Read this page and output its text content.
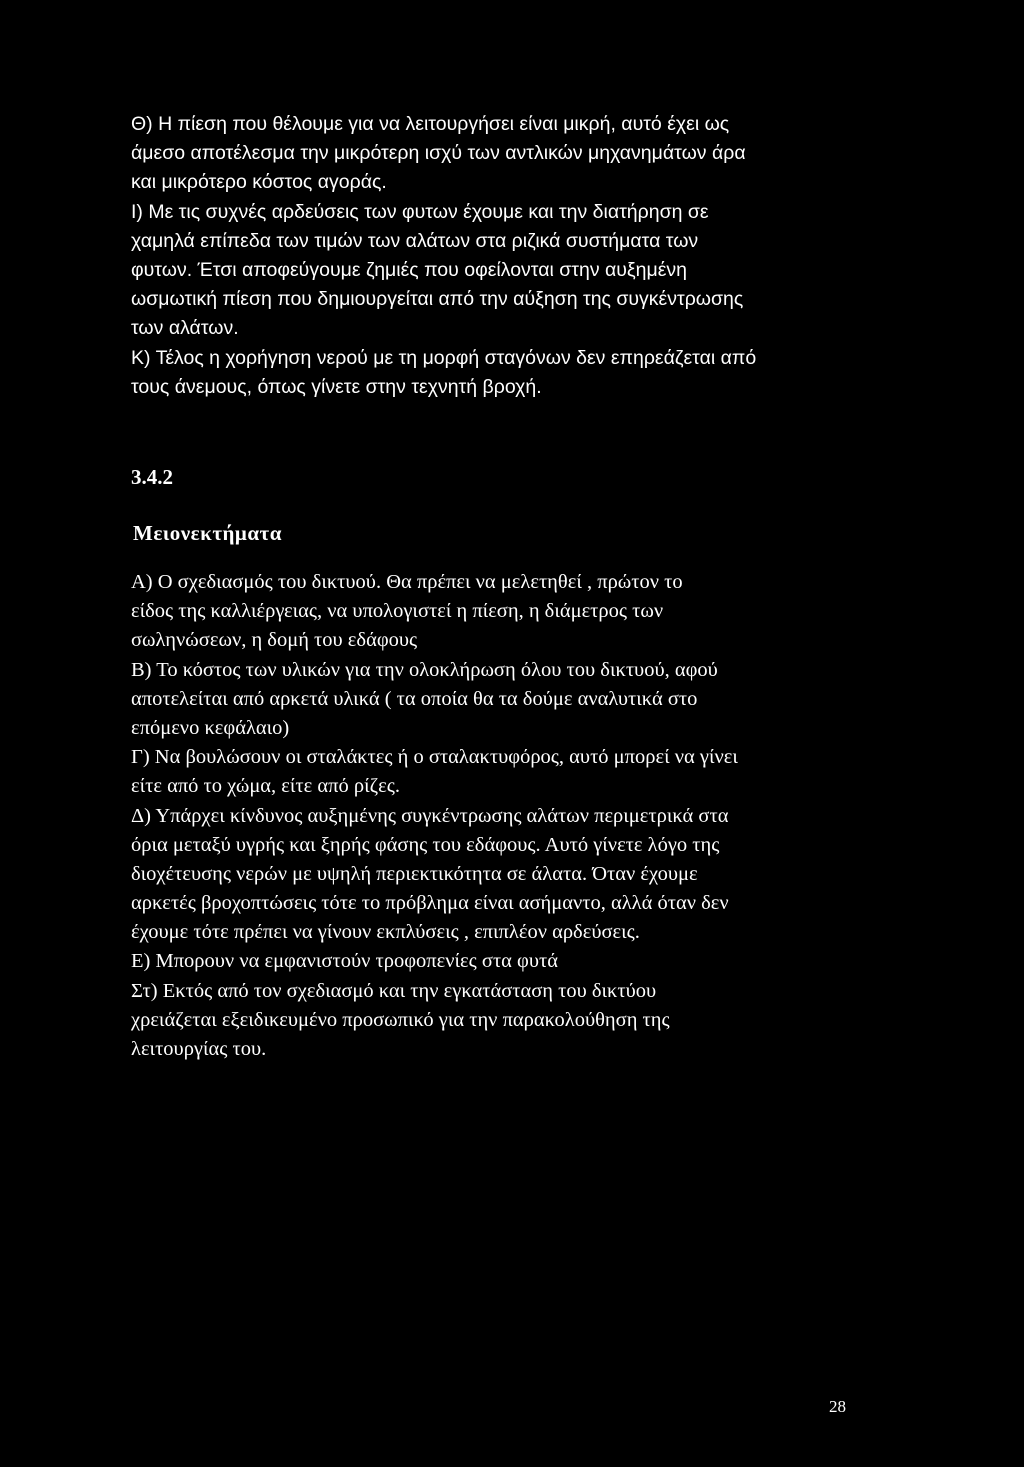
Θ) Η πίεση που θέλουμε για να λειτουργήσει είναι μικρή, αυτό έχει ως
άμεσο αποτέλεσμα την μικρότερη ισχύ των αντλικών μηχανημάτων άρα
και μικρότερο κόστος αγοράς.
Ι) Με τις συχνές αρδεύσεις των φυτων έχουμε και την διατήρηση σε
χαμηλά επίπεδα των τιμών των αλάτων στα ριζικά συστήματα των
φυτων. Έτσι αποφεύγουμε ζημιές που οφείλονται στην αυξημένη
ωσμωτική πίεση που δημιουργείται από την αύξηση της συγκέντρωσης
των αλάτων.
Κ) Τέλος η χορήγηση νερού με τη μορφή σταγόνων δεν επηρεάζεται από
τους άνεμους, όπως γίνετε στην τεχνητή βροχή.
3.4.2
Μειονεκτήματα
Α) Ο σχεδιασμός του δικτυού. Θα πρέπει να μελετηθεί , πρώτον το
είδος της καλλιέργειας, να υπολογιστεί η πίεση, η διάμετρος των
σωληνώσεων, η δομή του εδάφους
Β) Το κόστος των υλικών για την ολοκλήρωση όλου του δικτυού, αφού
αποτελείται από αρκετά υλικά ( τα οποία θα τα δούμε αναλυτικά στο
επόμενο κεφάλαιο)
Γ) Να βουλώσουν οι σταλάκτες ή ο σταλακτυφόρος, αυτό μπορεί να γίνει
είτε από το χώμα, είτε από ρίζες.
Δ) Υπάρχει κίνδυνος αυξημένης συγκέντρωσης αλάτων περιμετρικά στα
όρια μεταξύ υγρής και ξηρής φάσης του εδάφους. Αυτό γίνετε λόγο της
διοχέτευσης νερών με υψηλή περιεκτικότητα σε άλατα. Όταν έχουμε
αρκετές βροχοπτώσεις τότε το πρόβλημα είναι ασήμαντο, αλλά όταν δεν
έχουμε τότε πρέπει να γίνουν εκπλύσεις , επιπλέον αρδεύσεις.
Ε) Μπορουν να εμφανιστούν τροφοπενίες στα φυτά
Στ) Εκτός από τον σχεδιασμό και την εγκατάσταση του δικτύου
χρειάζεται εξειδικευμένο προσωπικό για την παρακολούθηση της
λειτουργίας του.
28
